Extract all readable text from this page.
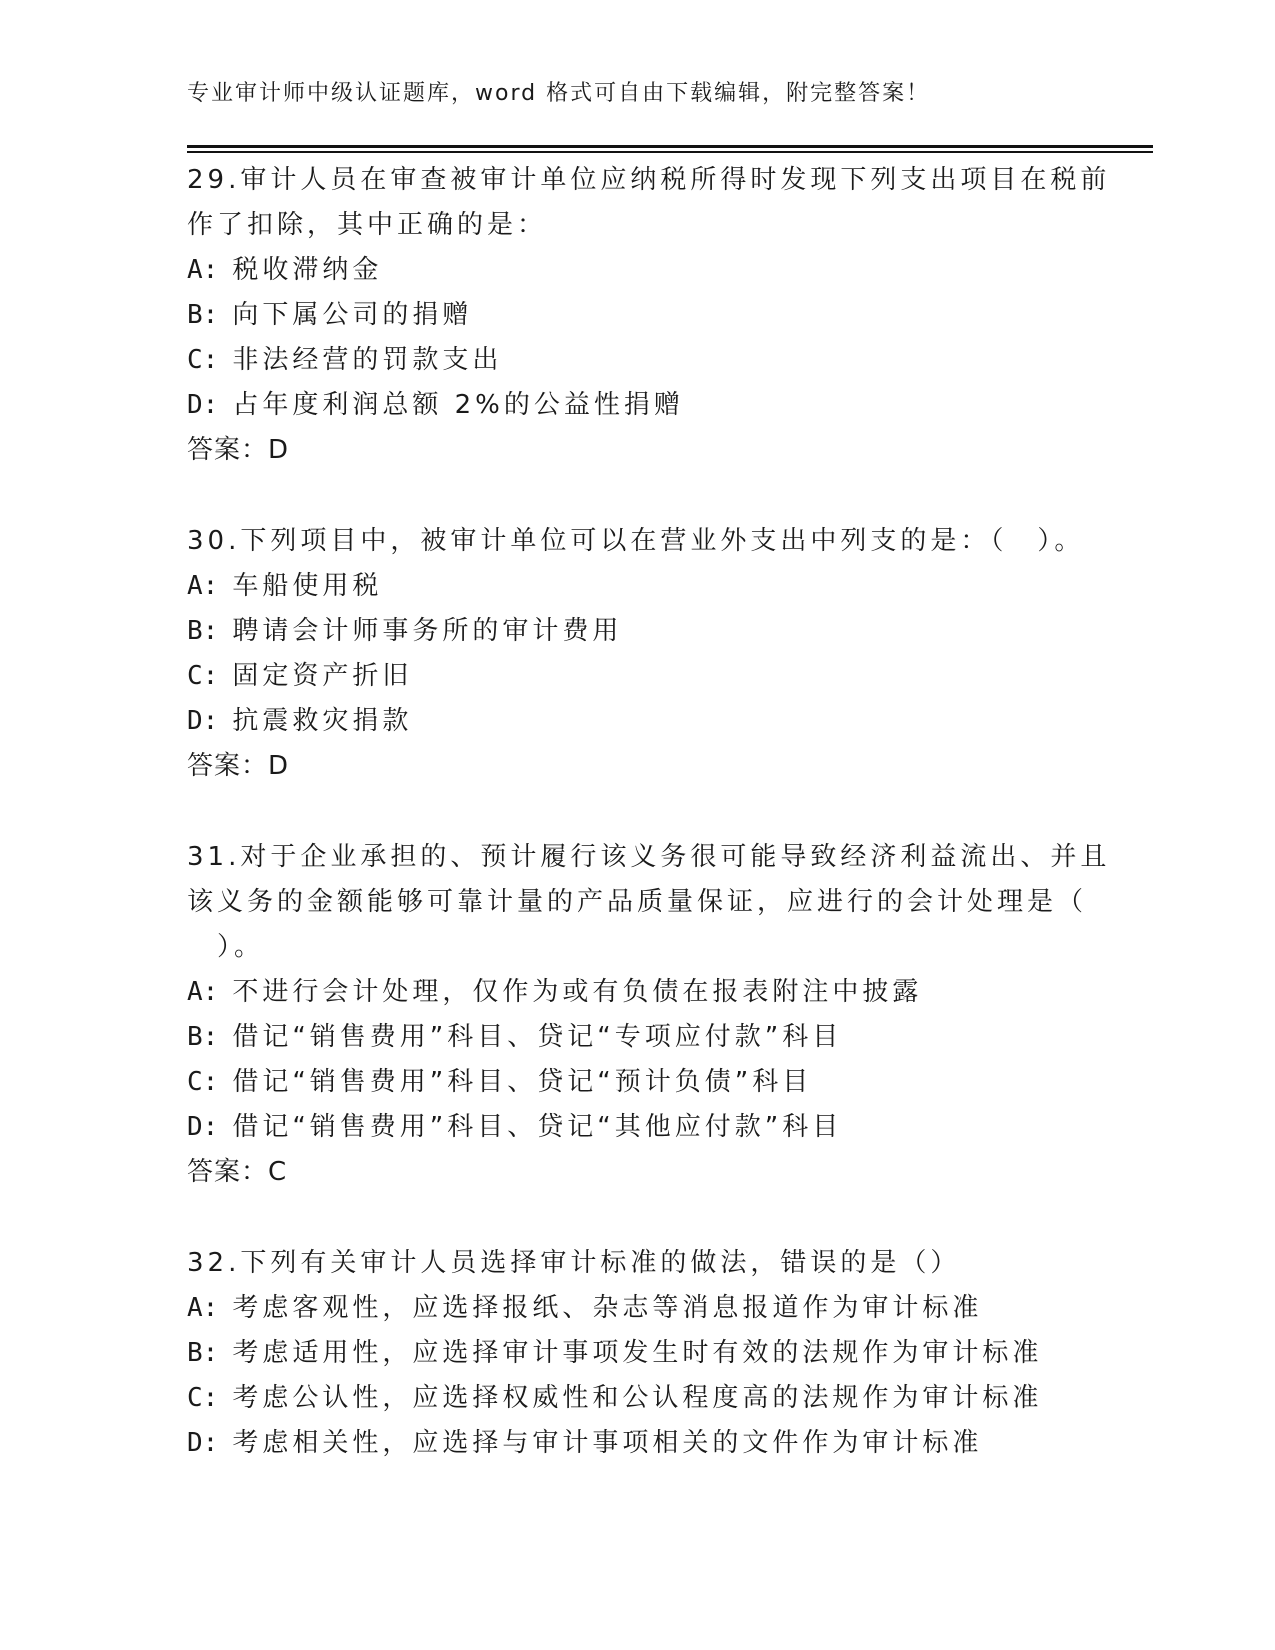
专业审计师中级认证题库，word 格式可自由下载编辑，附完整答案！
29.审计人员在审查被审计单位应纳税所得时发现下列支出项目在税前
作了扣除，其中正确的是：
A: 税收滞纳金
B: 向下属公司的捐赠
C: 非法经营的罚款支出
D: 占年度利润总额 2%的公益性捐赠
答案：D
30.下列项目中，被审计单位可以在营业外支出中列支的是：（　）。
A: 车船使用税
B: 聘请会计师事务所的审计费用
C: 固定资产折旧
D: 抗震救灾捐款
答案：D
31.对于企业承担的、预计履行该义务很可能导致经济利益流出、并且
该义务的金额能够可靠计量的产品质量保证，应进行的会计处理是（
　）。
A: 不进行会计处理，仅作为或有负债在报表附注中披露
B: 借记“销售费用”科目、贷记“专项应付款”科目
C: 借记“销售费用”科目、贷记“预计负债”科目
D: 借记“销售费用”科目、贷记“其他应付款”科目
答案：C
32.下列有关审计人员选择审计标准的做法，错误的是（）
A: 考虑客观性，应选择报纸、杂志等消息报道作为审计标准
B: 考虑适用性，应选择审计事项发生时有效的法规作为审计标准
C: 考虑公认性，应选择权威性和公认程度高的法规作为审计标准
D: 考虑相关性，应选择与审计事项相关的文件作为审计标准
